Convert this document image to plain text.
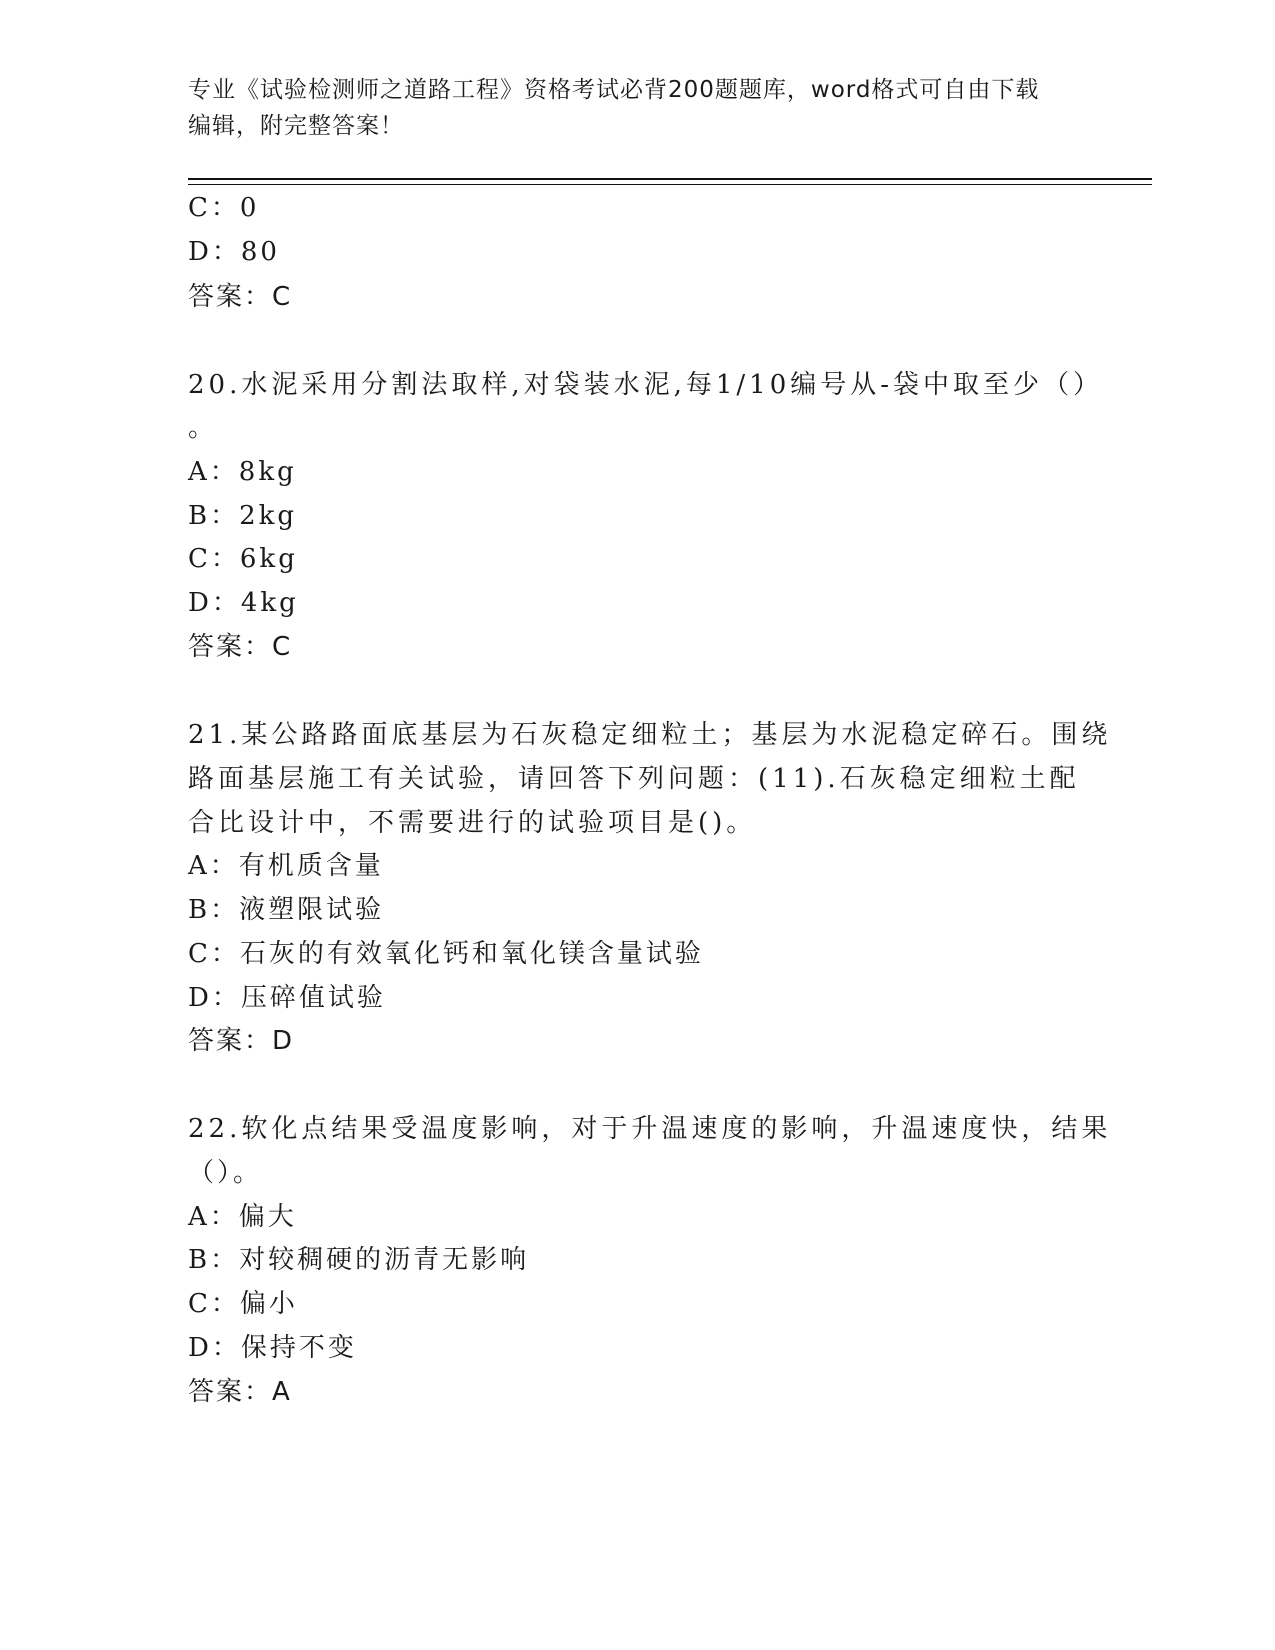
专业《试验检测师之道路工程》资格考试必背200题题库，word格式可自由下载
编辑，附完整答案！
C：0
D：80
答案：C
20.水泥采用分割法取样,对袋装水泥,每1/10编号从-袋中取至少（）
。
A：8kg
B：2kg
C：6kg
D：4kg
答案：C
21.某公路路面底基层为石灰稳定细粒土；基层为水泥稳定碎石。围绕
路面基层施工有关试验，请回答下列问题：(11).石灰稳定细粒土配
合比设计中，不需要进行的试验项目是()。
A：有机质含量
B：液塑限试验
C：石灰的有效氧化钙和氧化镁含量试验
D：压碎值试验
答案：D
22.软化点结果受温度影响，对于升温速度的影响，升温速度快，结果
（）。
A：偏大
B：对较稠硬的沥青无影响
C：偏小
D：保持不变
答案：A
